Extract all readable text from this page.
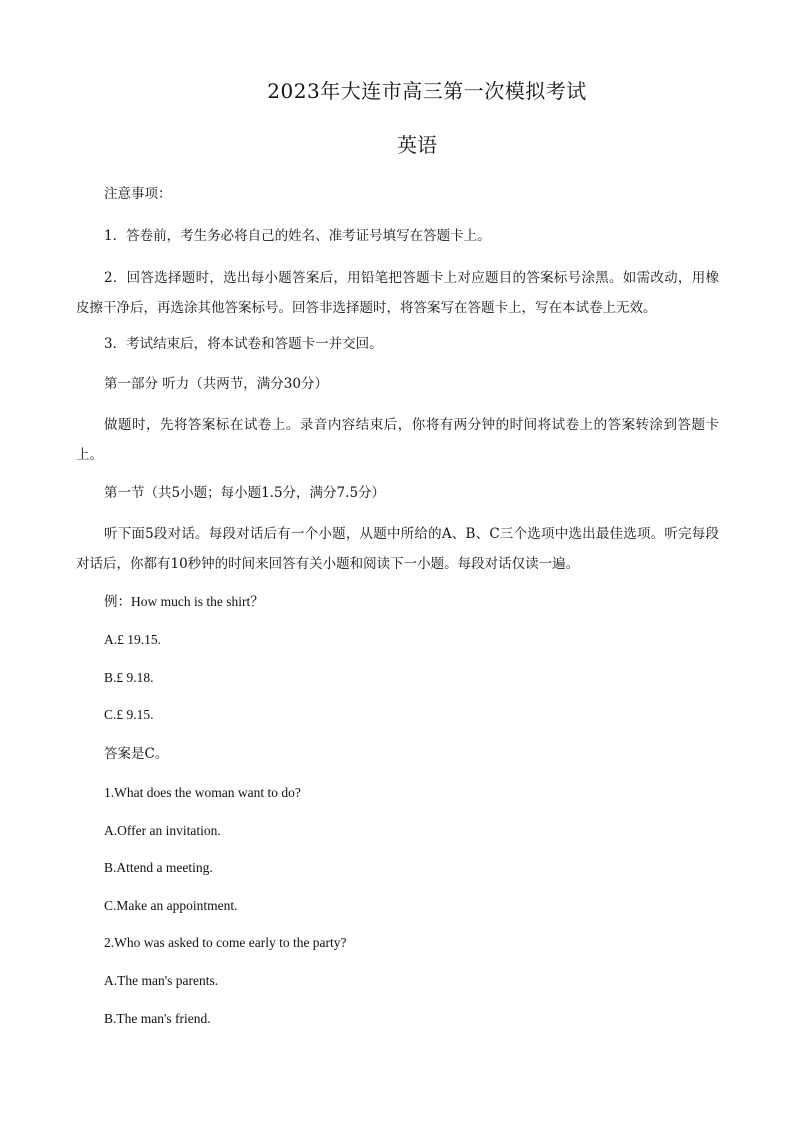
2023年大连市高三第一次模拟考试
英语
注意事项：
1．答卷前，考生务必将自己的姓名、准考证号填写在答题卡上。
2．回答选择题时，选出每小题答案后，用铅笔把答题卡上对应题目的答案标号涂黑。如需改动，用橡皮擦干净后，再选涂其他答案标号。回答非选择题时，将答案写在答题卡上，写在本试卷上无效。
3．考试结束后，将本试卷和答题卡一并交回。
第一部分 听力（共两节，满分30分）
做题时，先将答案标在试卷上。录音内容结束后，你将有两分钟的时间将试卷上的答案转涂到答题卡上。
第一节（共5小题；每小题1.5分，满分7.5分）
听下面5段对话。每段对话后有一个小题，从题中所给的A、B、C三个选项中选出最佳选项。听完每段对话后，你都有10秒钟的时间来回答有关小题和阅读下一小题。每段对话仅读一遍。
例：How much is the shirt？
A.£ 19.15.
B.£ 9.18.
C.£ 9.15.
答案是C。
1.What does the woman want to do?
A.Offer an invitation.
B.Attend a meeting.
C.Make an appointment.
2.Who was asked to come early to the party?
A.The man's parents.
B.The man's friend.
